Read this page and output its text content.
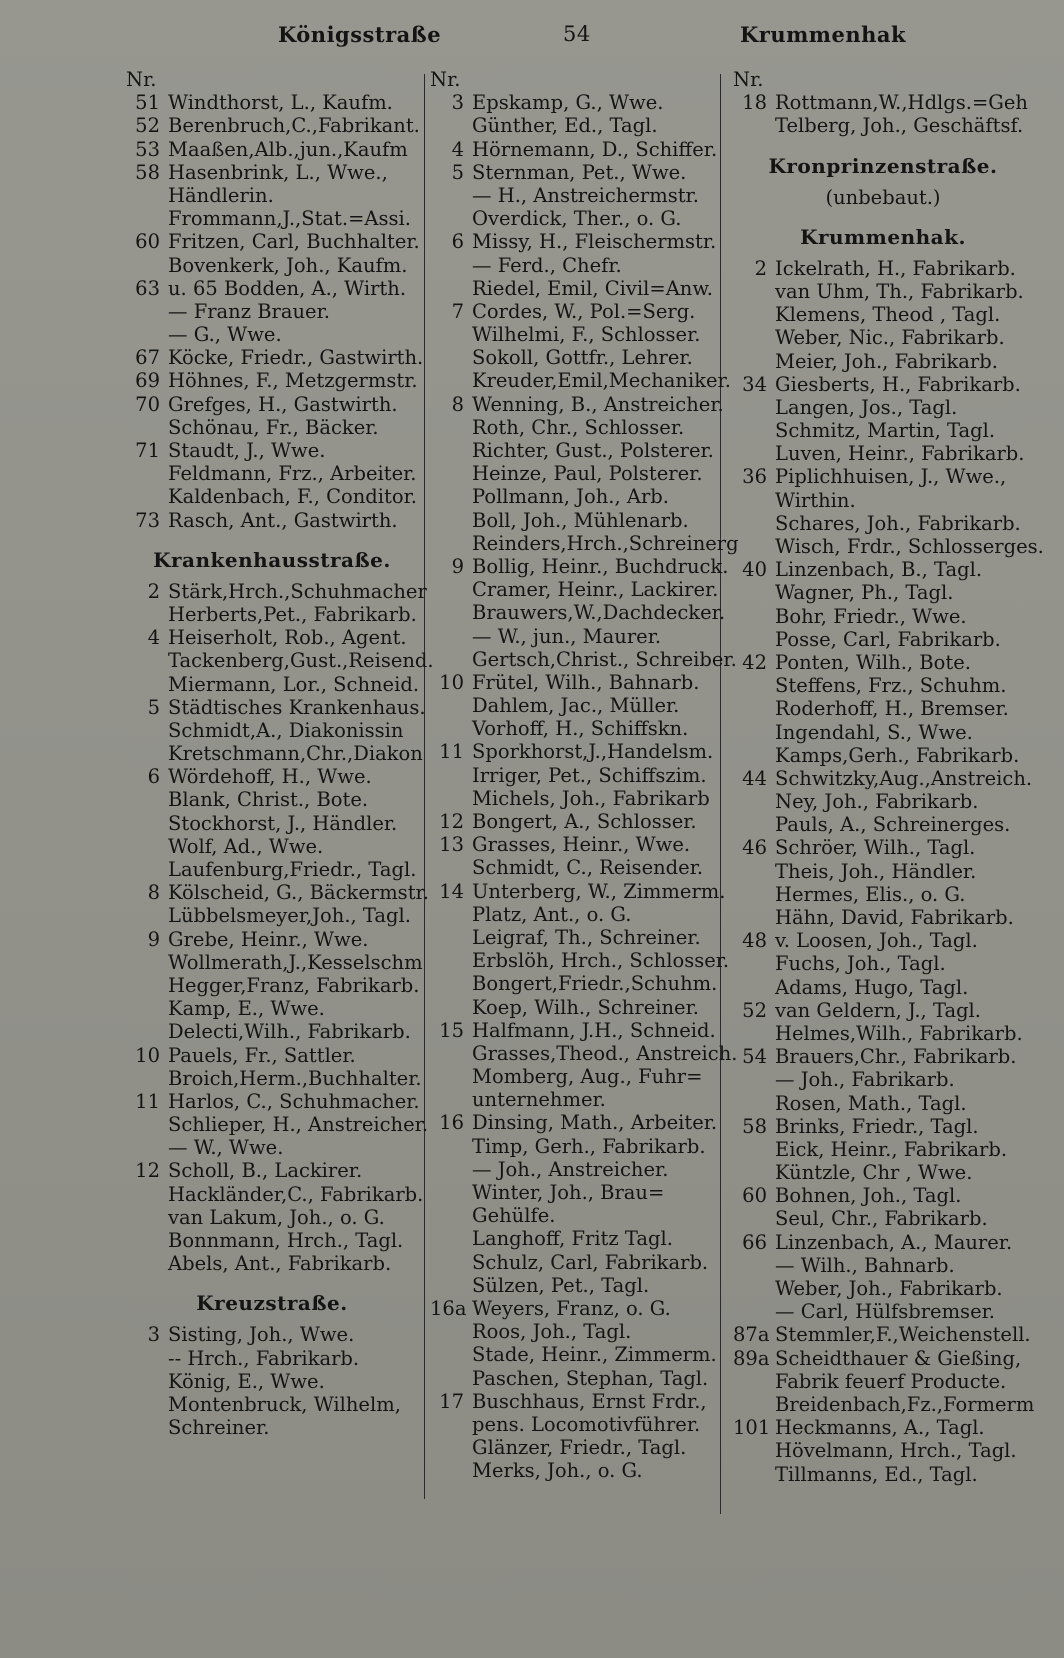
Königsstraße	54	Krummenhak
Nr.
51 Windthorst, L., Kaufm.
52 Berenbruch,C.,Fabrikant.
53 Maaßen,Alb.,jun.,Kaufm
58 Hasenbrink, L., Wwe.,
Händlerin.
Frommann,J.,Stat.=Assi.
60 Fritzen, Carl, Buchhalter.
Bovenkerk, Joh., Kaufm.
63 u. 65 Bodden, A., Wirth.
— Franz Brauer.
— G., Wwe.
67 Köcke, Friedr., Gastwirth.
69 Höhnes, F., Metzgermstr.
70 Grefges, H., Gastwirth.
Schönau, Fr., Bäcker.
71 Staudt, J., Wwe.
Feldmann, Frz., Arbeiter.
Kaldenbach, F., Conditor.
73 Rasch, Ant., Gastwirth.
Krankenhausstraße.
2 Stärk,Hrch.,Schuhmacher
Herberts,Pet., Fabrikarb.
4 Heiserholt, Rob., Agent.
Tackenberg,Gust.,Reisend.
Miermann, Lor., Schneid.
5 Städtisches Krankenhaus.
Schmidt,A., Diakonissin
Kretschmann,Chr.,Diakon
6 Wördehoff, H., Wwe.
Blank, Christ., Bote.
Stockhorst, J., Händler.
Wolf, Ad., Wwe.
Laufenburg,Friedr., Tagl.
8 Kölscheid, G., Bäckermstr.
Lübbelsmeyer,Joh., Tagl.
9 Grebe, Heinr., Wwe.
Wollmerath,J.,Kesselschm
Hegger,Franz, Fabrikarb.
Kamp, E., Wwe.
Delecti,Wilh., Fabrikarb.
10 Pauels, Fr., Sattler.
Broich,Herm.,Buchhalter.
11 Harlos, C., Schuhmacher.
Schlieper, H., Anstreicher.
— W., Wwe.
12 Scholl, B., Lackirer.
Hackländer,C., Fabrikarb.
van Lakum, Joh., o. G.
Bonnmann, Hrch., Tagl.
Abels, Ant., Fabrikarb.
Kreuzstraße.
3 Sisting, Joh., Wwe.
-- Hrch., Fabrikarb.
König, E., Wwe.
Montenbruck, Wilhelm,
Schreiner.
Nr.
3 Epskamp, G., Wwe.
Günther, Ed., Tagl.
4 Hörnemann, D., Schiffer.
5 Sternman, Pet., Wwe.
— H., Anstreichermstr.
Overdick, Ther., o. G.
6 Missy, H., Fleischermstr.
— Ferd., Chefr.
Riedel, Emil, Civil=Anw.
7 Cordes, W., Pol.=Serg.
Wilhelmi, F., Schlosser.
Sokoll, Gottfr., Lehrer.
Kreuder,Emil,Mechaniker.
8 Wenning, B., Anstreicher.
Roth, Chr., Schlosser.
Richter, Gust., Polsterer.
Heinze, Paul, Polsterer.
Pollmann, Joh., Arb.
Boll, Joh., Mühlenarb.
Reinders,Hrch.,Schreinerg
9 Bollig, Heinr., Buchdruck.
Cramer, Heinr., Lackirer.
Brauwers,W.,Dachdecker.
— W., jun., Maurer.
Gertsch,Christ., Schreiber.
10 Frütel, Wilh., Bahnarb.
Dahlem, Jac., Müller.
Vorhoff, H., Schiffskn.
11 Sporkhorst,J.,Handelsm.
Irriger, Pet., Schiffszim.
Michels, Joh., Fabrikarb
12 Bongert, A., Schlosser.
13 Grasses, Heinr., Wwe.
Schmidt, C., Reisender.
14 Unterberg, W., Zimmerm.
Platz, Ant., o. G.
Leigraf, Th., Schreiner.
Erbslöh, Hrch., Schlosser.
Bongert,Friedr.,Schuhm.
Koep, Wilh., Schreiner.
15 Halfmann, J.H., Schneid.
Grasses,Theod., Anstreich.
Momberg, Aug., Fuhr=
unternehmer.
16 Dinsing, Math., Arbeiter.
Timp, Gerh., Fabrikarb.
— Joh., Anstreicher.
Winter, Joh., Brau=
Gehülfe.
Langhoff, Fritz Tagl.
Schulz, Carl, Fabrikarb.
Sülzen, Pet., Tagl.
16a Weyers, Franz, o. G.
Roos, Joh., Tagl.
Stade, Heinr., Zimmerm.
Paschen, Stephan, Tagl.
17 Buschhaus, Ernst Frdr.,
pens. Locomotivführer.
Glänzer, Friedr., Tagl.
Merks, Joh., o. G.
Nr.
18 Rottmann,W.,Hdlgs.=Geh
Telberg, Joh., Geschäftsf.
Kronprinzenstraße.
(unbebaut.)
Krummenhak.
2 Ickelrath, H., Fabrikarb.
van Uhm, Th., Fabrikarb.
Klemens, Theod , Tagl.
Weber, Nic., Fabrikarb.
Meier, Joh., Fabrikarb.
34 Giesberts, H., Fabrikarb.
Langen, Jos., Tagl.
Schmitz, Martin, Tagl.
Luven, Heinr., Fabrikarb.
36 Piplichhuisen, J., Wwe.,
Wirthin.
Schares, Joh., Fabrikarb.
Wisch, Frdr., Schlosserges.
40 Linzenbach, B., Tagl.
Wagner, Ph., Tagl.
Bohr, Friedr., Wwe.
Posse, Carl, Fabrikarb.
42 Ponten, Wilh., Bote.
Steffens, Frz., Schuhm.
Roderhoff, H., Bremser.
Ingendahl, S., Wwe.
Kamps,Gerh., Fabrikarb.
44 Schwitzky,Aug.,Anstreich.
Ney, Joh., Fabrikarb.
Pauls, A., Schreinerges.
46 Schröer, Wilh., Tagl.
Theis, Joh., Händler.
Hermes, Elis., o. G.
Hähn, David, Fabrikarb.
48 v. Loosen, Joh., Tagl.
Fuchs, Joh., Tagl.
Adams, Hugo, Tagl.
52 van Geldern, J., Tagl.
Helmes,Wilh., Fabrikarb.
54 Brauers,Chr., Fabrikarb.
— Joh., Fabrikarb.
Rosen, Math., Tagl.
58 Brinks, Friedr., Tagl.
Eick, Heinr., Fabrikarb.
Küntzle, Chr , Wwe.
60 Bohnen, Joh., Tagl.
Seul, Chr., Fabrikarb.
66 Linzenbach, A., Maurer.
— Wilh., Bahnarb.
Weber, Joh., Fabrikarb.
— Carl, Hülfsbremser.
87a Stemmler,F.,Weichenstell.
89a Scheidthauer & Gießing,
Fabrik feuerf Producte.
Breidenbach,Fz.,Formerm
101 Heckmanns, A., Tagl.
Hövelmann, Hrch., Tagl.
Tillmanns, Ed., Tagl.
